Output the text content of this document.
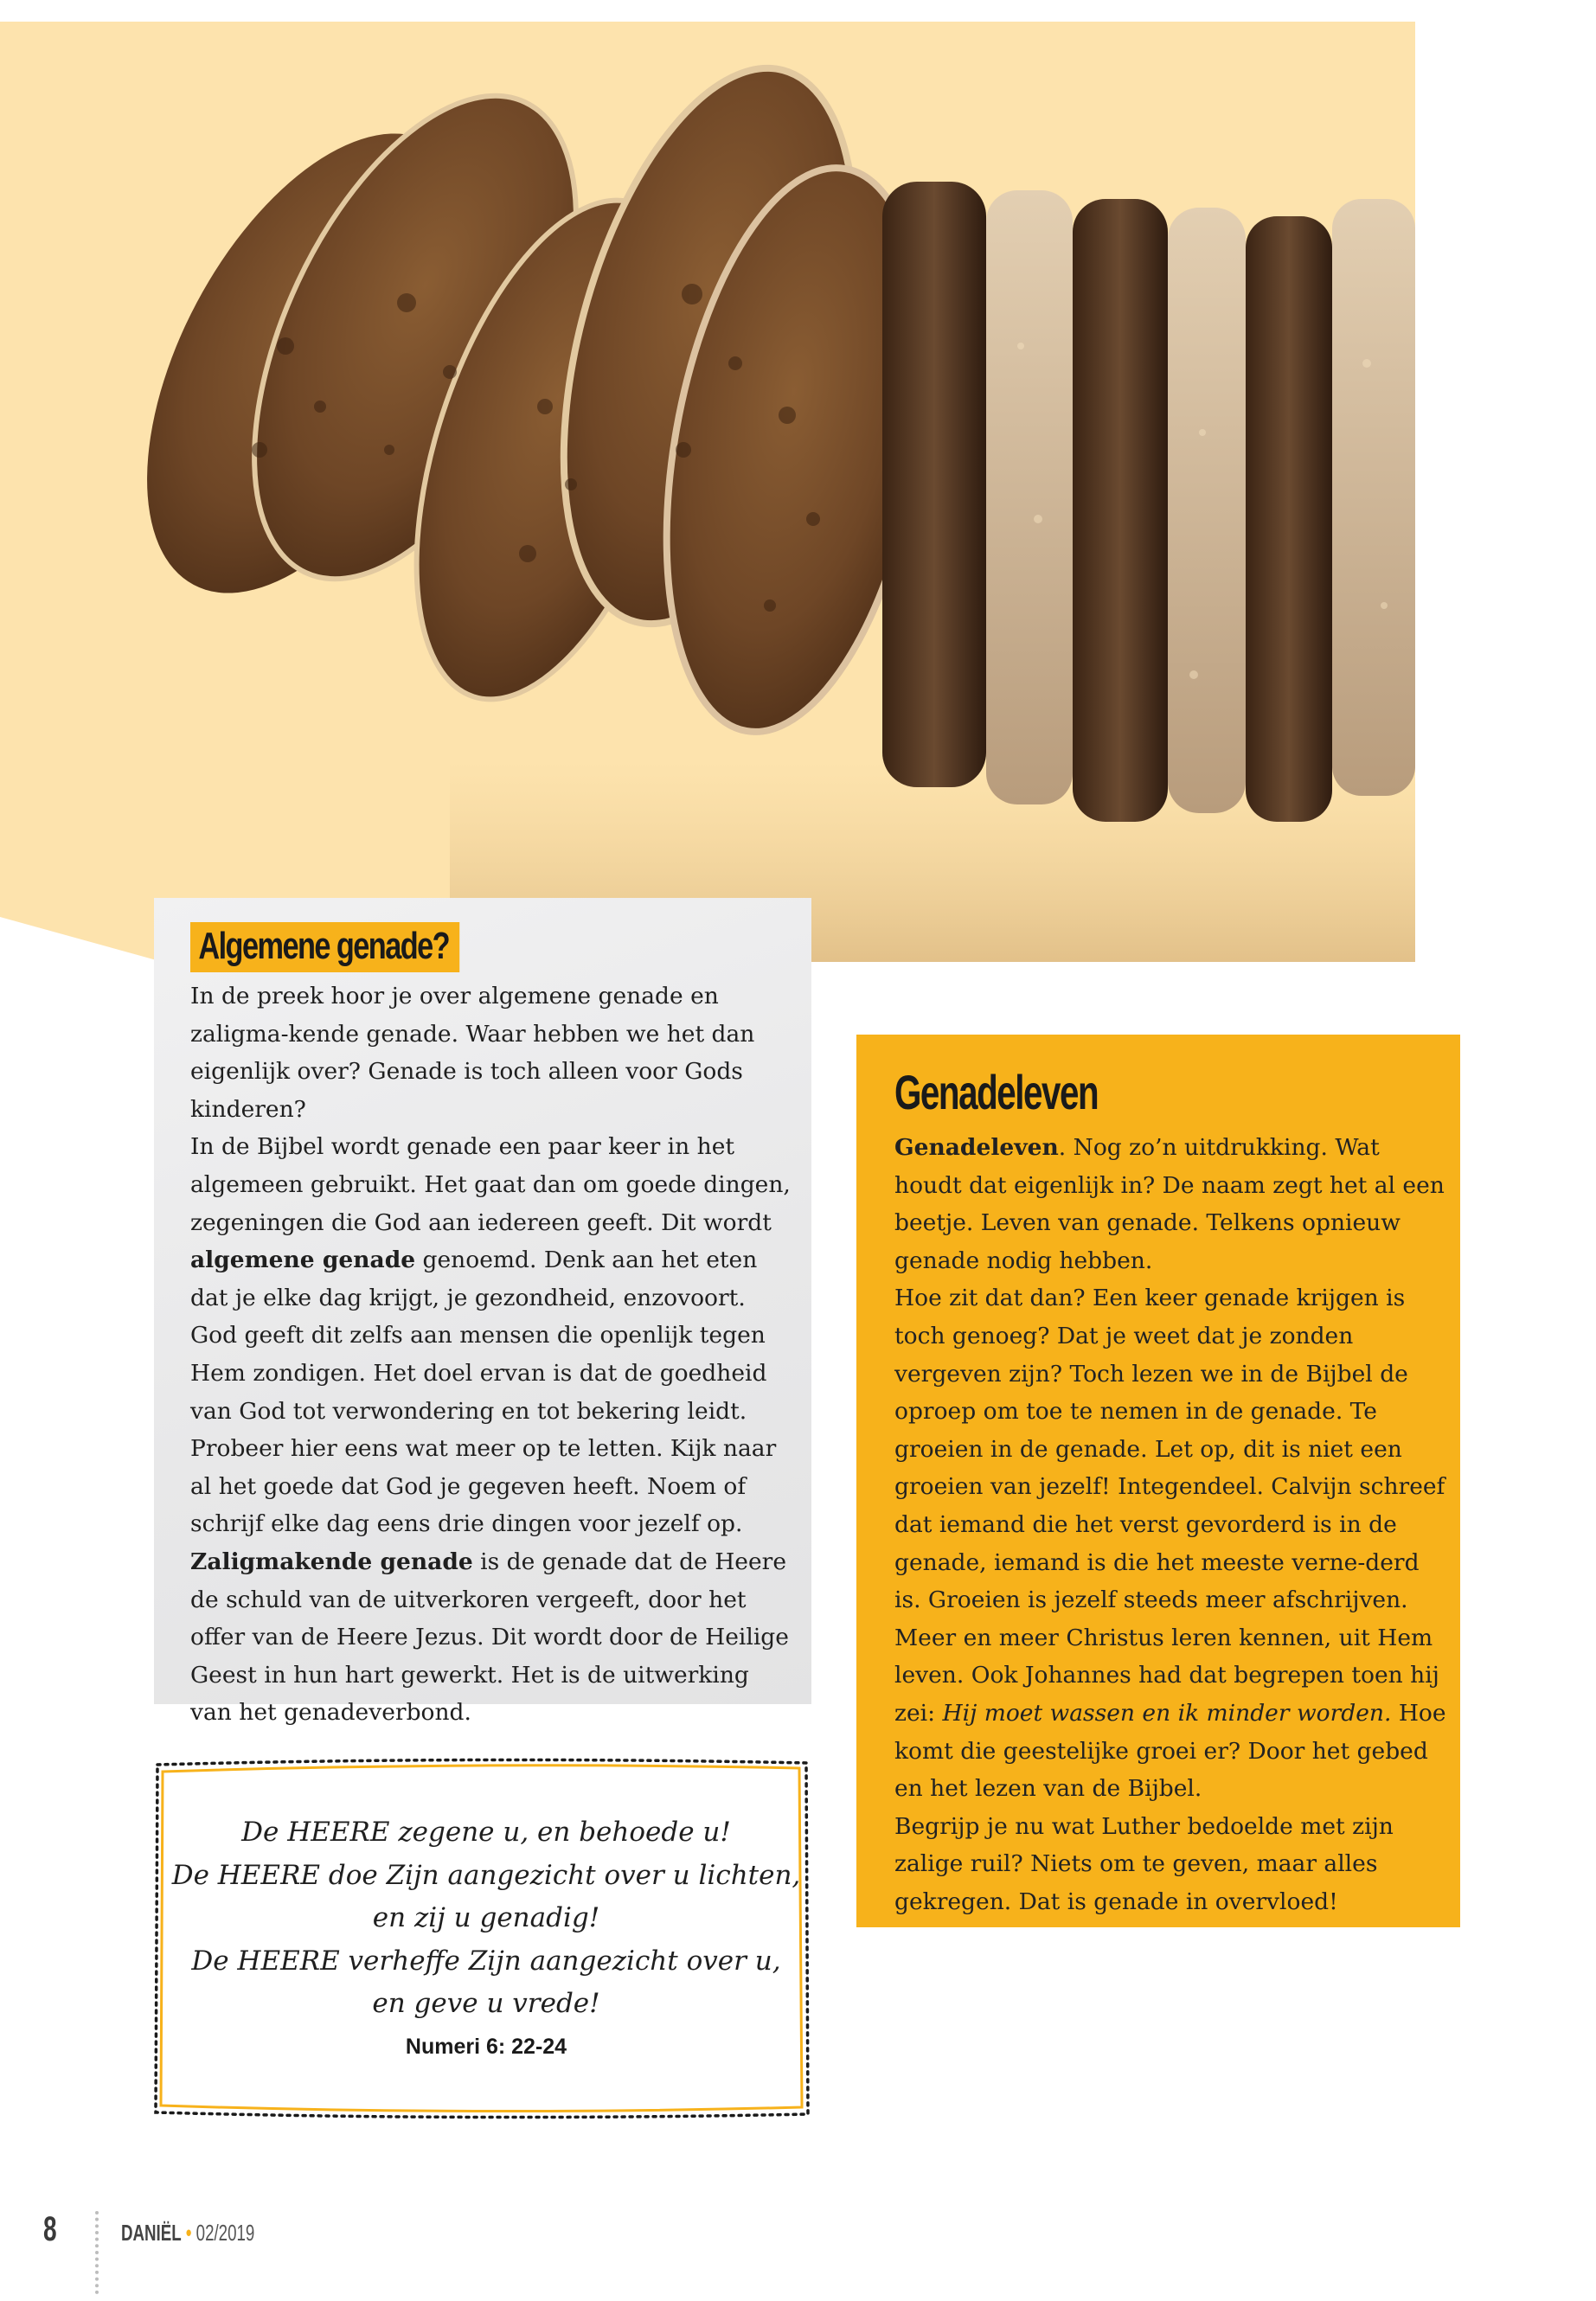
Algemene genade?

In de preek hoor je over algemene genade en zaligma-kende genade. Waar hebben we het dan eigenlijk over? Genade is toch alleen voor Gods kinderen?

In de Bijbel wordt genade een paar keer in het algemeen gebruikt. Het gaat dan om goede dingen, zegeningen die God aan iedereen geeft. Dit wordt algemene genade genoemd. Denk aan het eten dat je elke dag krijgt, je gezondheid, enzovoort. God geeft dit zelfs aan mensen die openlijk tegen Hem zondigen. Het doel ervan is dat de goedheid van God tot verwondering en tot bekering leidt. Probeer hier eens wat meer op te letten. Kijk naar al het goede dat God je gegeven heeft. Noem of schrijf elke dag eens drie dingen voor jezelf op.

Zaligmakende genade is de genade dat de Heere de schuld van de uitverkoren vergeeft, door het offer van de Heere Jezus. Dit wordt door de Heilige Geest in hun hart gewerkt. Het is de uitwerking van het genadeverbond.

Genadeleven

Genadeleven. Nog zo’n uitdrukking. Wat houdt dat eigenlijk in? De naam zegt het al een beetje. Leven van genade. Telkens opnieuw genade nodig hebben.

Hoe zit dat dan? Een keer genade krijgen is toch genoeg? Dat je weet dat je zonden vergeven zijn? Toch lezen we in de Bijbel de oproep om toe te nemen in de genade. Te groeien in de genade. Let op, dit is niet een groeien van jezelf! Integendeel. Calvijn schreef dat iemand die het verst gevorderd is in de genade, iemand is die het meeste verne-derd is. Groeien is jezelf steeds meer afschrijven. Meer en meer Christus leren kennen, uit Hem leven. Ook Johannes had dat begrepen toen hij zei: Hij moet wassen en ik minder worden. Hoe komt die geestelijke groei er? Door het gebed en het lezen van de Bijbel.

Begrijp je nu wat Luther bedoelde met zijn zalige ruil? Niets om te geven, maar alles gekregen. Dat is genade in overvloed!

De HEERE zegene u, en behoede u!

De HEERE doe Zijn aangezicht over u lichten,

en zij u genadig!

De HEERE verheffe Zijn aangezicht over u,

en geve u vrede!

Numeri 6: 22-24
8	DANIËL • 02/2019
